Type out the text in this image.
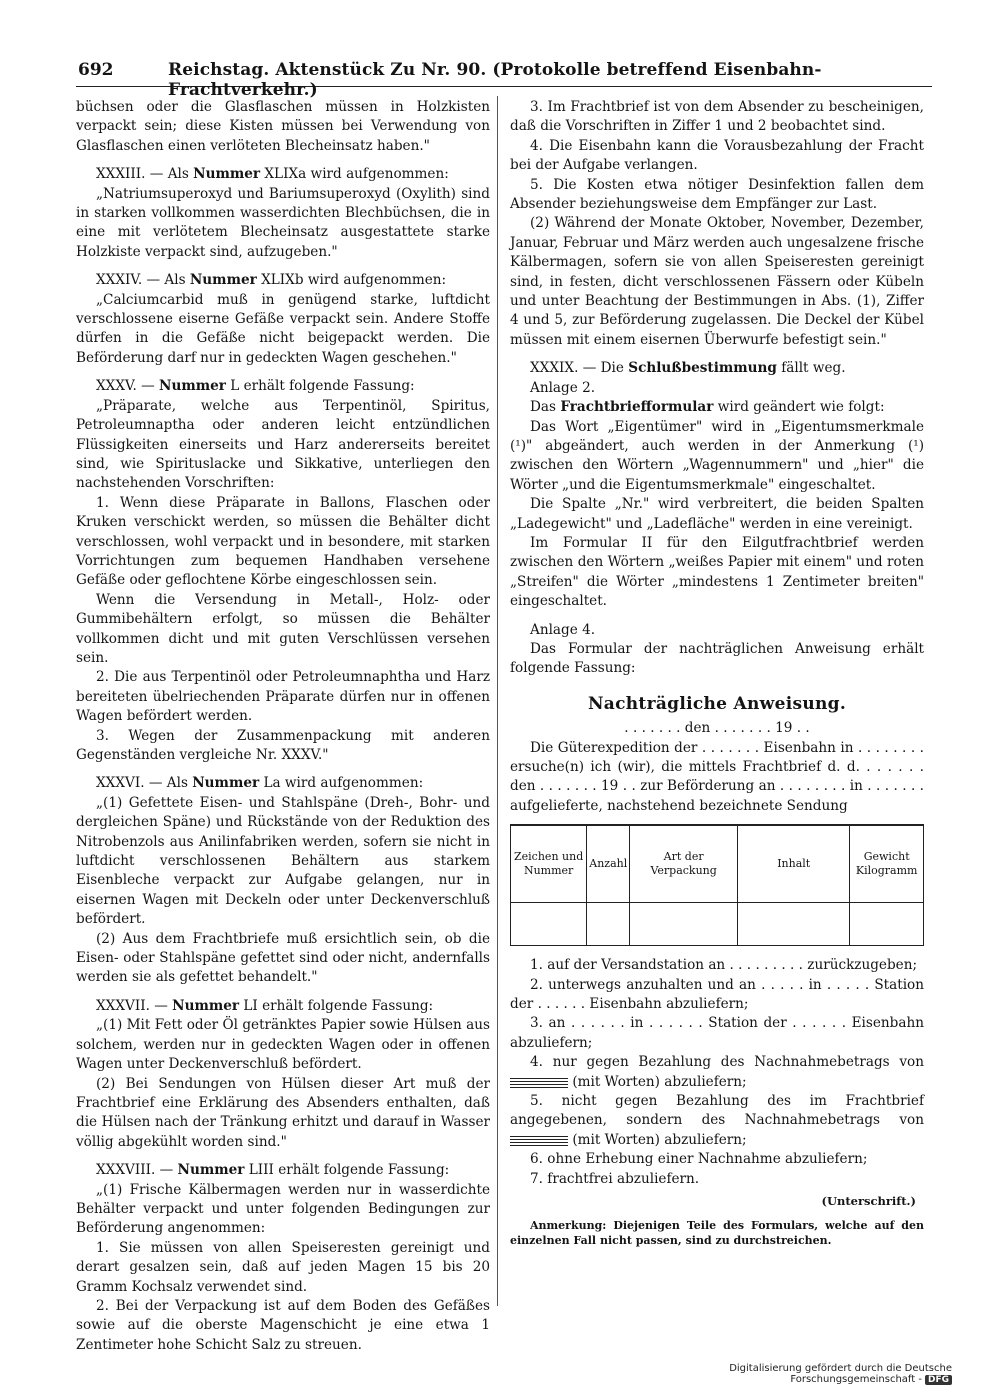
692	Reichstag. Aktenstück Zu Nr. 90. (Protokolle betreffend Eisenbahn-Frachtverkehr.)

büchsen oder die Glasflaschen müssen in Holzkisten verpackt sein; diese Kisten müssen bei Verwendung von Glasflaschen einen verlöteten Blecheinsatz haben."

XXXIII. — Als Nummer XLIXa wird aufgenommen:

„Natriumsuperoxyd und Bariumsuperoxyd (Oxylith) sind in starken vollkommen wasserdichten Blechbüchsen, die in eine mit verlötetem Blecheinsatz ausgestattete starke Holzkiste verpackt sind, aufzugeben."

XXXIV. — Als Nummer XLIXb wird aufgenommen:

„Calciumcarbid muß in genügend starke, luftdicht verschlossene eiserne Gefäße verpackt sein. Andere Stoffe dürfen in die Gefäße nicht beigepackt werden. Die Beförderung darf nur in gedeckten Wagen geschehen."

XXXV. — Nummer L erhält folgende Fassung:

„Präparate, welche aus Terpentinöl, Spiritus, Petroleumnaptha oder anderen leicht entzündlichen Flüssigkeiten einerseits und Harz andererseits bereitet sind, wie Spirituslacke und Sikkative, unterliegen den nachstehenden Vorschriften:

1. Wenn diese Präparate in Ballons, Flaschen oder Kruken verschickt werden, so müssen die Behälter dicht verschlossen, wohl verpackt und in besondere, mit starken Vorrichtungen zum bequemen Handhaben versehene Gefäße oder geflochtene Körbe eingeschlossen sein.

Wenn die Versendung in Metall-, Holz- oder Gummibehältern erfolgt, so müssen die Behälter vollkommen dicht und mit guten Verschlüssen versehen sein.

2. Die aus Terpentinöl oder Petroleumnaphtha und Harz bereiteten übelriechenden Präparate dürfen nur in offenen Wagen befördert werden.

3. Wegen der Zusammenpackung mit anderen Gegenständen vergleiche Nr. XXXV."

XXXVI. — Als Nummer La wird aufgenommen:

„(1) Gefettete Eisen- und Stahlspäne (Dreh-, Bohr- und dergleichen Späne) und Rückstände von der Reduktion des Nitrobenzols aus Anilinfabriken werden, sofern sie nicht in luftdicht verschlossenen Behältern aus starkem Eisenbleche verpackt zur Aufgabe gelangen, nur in eisernen Wagen mit Deckeln oder unter Deckenverschluß befördert.

(2) Aus dem Frachtbriefe muß ersichtlich sein, ob die Eisen- oder Stahlspäne gefettet sind oder nicht, andernfalls werden sie als gefettet behandelt."

XXXVII. — Nummer LI erhält folgende Fassung:

„(1) Mit Fett oder Öl getränktes Papier sowie Hülsen aus solchem, werden nur in gedeckten Wagen oder in offenen Wagen unter Deckenverschluß befördert.

(2) Bei Sendungen von Hülsen dieser Art muß der Frachtbrief eine Erklärung des Absenders enthalten, daß die Hülsen nach der Tränkung erhitzt und darauf in Wasser völlig abgekühlt worden sind."

XXXVIII. — Nummer LIII erhält folgende Fassung:

„(1) Frische Kälbermagen werden nur in wasserdichte Behälter verpackt und unter folgenden Bedingungen zur Beförderung angenommen:

1. Sie müssen von allen Speiseresten gereinigt und derart gesalzen sein, daß auf jeden Magen 15 bis 20 Gramm Kochsalz verwendet sind.

2. Bei der Verpackung ist auf dem Boden des Gefäßes sowie auf die oberste Magenschicht je eine etwa 1 Zentimeter hohe Schicht Salz zu streuen.

3. Im Frachtbrief ist von dem Absender zu bescheinigen, daß die Vorschriften in Ziffer 1 und 2 beobachtet sind.

4. Die Eisenbahn kann die Vorausbezahlung der Fracht bei der Aufgabe verlangen.

5. Die Kosten etwa nötiger Desinfektion fallen dem Absender beziehungsweise dem Empfänger zur Last.

(2) Während der Monate Oktober, November, Dezember, Januar, Februar und März werden auch ungesalzene frische Kälbermagen, sofern sie von allen Speiseresten gereinigt sind, in festen, dicht verschlossenen Fässern oder Kübeln und unter Beachtung der Bestimmungen in Abs. (1), Ziffer 4 und 5, zur Beförderung zugelassen. Die Deckel der Kübel müssen mit einem eisernen Überwurfe befestigt sein."

XXXIX. — Die Schlußbestimmung fällt weg.

Anlage 2.

Das Frachtbriefformular wird geändert wie folgt:

Das Wort „Eigentümer" wird in „Eigentumsmerkmale (¹)" abgeändert, auch werden in der Anmerkung (¹) zwischen den Wörtern „Wagennummern" und „hier" die Wörter „und die Eigentumsmerkmale" eingeschaltet.

Die Spalte „Nr." wird verbreitert, die beiden Spalten „Ladegewicht" und „Ladefläche" werden in eine vereinigt.

Im Formular II für den Eilgutfrachtbrief werden zwischen den Wörtern „weißes Papier mit einem" und roten „Streifen" die Wörter „mindestens 1 Zentimeter breiten" eingeschaltet.

Anlage 4.

Das Formular der nachträglichen Anweisung erhält folgende Fassung:

Nachträgliche Anweisung.

. . . . . . . den . . . . . . . 19 . .

Die Güterexpedition der . . . . . . . Eisenbahn in . . . . . . . . ersuche(n) ich (wir), die mittels Frachtbrief d. d. . . . . . . den . . . . . . . 19 . . zur Beförderung an . . . . . . . . in . . . . . . . aufgelieferte, nachstehend bezeichnete Sendung

Zeichen und Nummer	Anzahl	Art der Verpackung	Inhalt	Gewicht Kilogramm

1. auf der Versandstation an . . . . . . . . . zurückzugeben;

2. unterwegs anzuhalten und an . . . . . in . . . . . Station der . . . . . . Eisenbahn abzuliefern;

3. an . . . . . . in . . . . . . Station der . . . . . . Eisenbahn abzuliefern;

4. nur gegen Bezahlung des Nachnahmebetrags von  (mit Worten) abzuliefern;

5. nicht gegen Bezahlung des im Frachtbrief angegebenen, sondern des Nachnahmebetrags von  (mit Worten) abzuliefern;

6. ohne Erhebung einer Nachnahme abzuliefern;

7. frachtfrei abzuliefern.

(Unterschrift.)

Anmerkung: Diejenigen Teile des Formulars, welche auf den einzelnen Fall nicht passen, sind zu durchstreichen.

Digitalisierung gefördert durch die Deutsche Forschungsgemeinschaft - DFG
